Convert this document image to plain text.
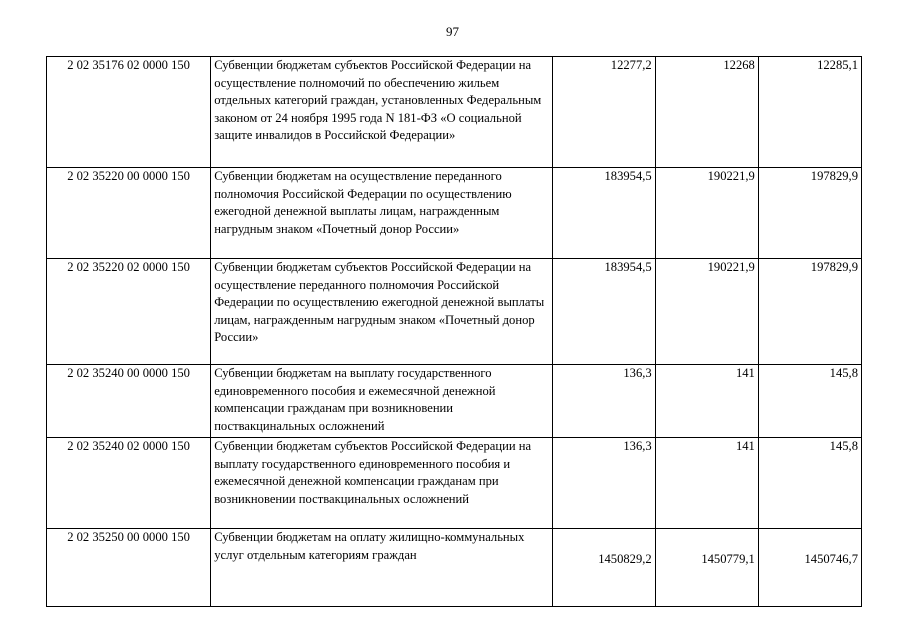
97
2 02 35176 02 0000 150	Субвенции бюджетам субъектов Российской Федерации на осуществление полномочий по обеспечению жильем отдельных категорий граждан, установленных Федеральным законом от 24 ноября 1995 года N 181-ФЗ «О социальной защите инвалидов в Российской Федерации»	12277,2	12268	12285,1
2 02 35220 00 0000 150	Субвенции бюджетам на осуществление переданного полномочия Российской Федерации по осуществлению ежегодной денежной выплаты лицам, награжденным нагрудным знаком «Почетный донор России»	183954,5	190221,9	197829,9
2 02 35220 02 0000 150	Субвенции бюджетам субъектов Российской Федерации на осуществление переданного полномочия Российской Федерации по осуществлению ежегодной денежной выплаты лицам, награжденным нагрудным знаком «Почетный донор России»	183954,5	190221,9	197829,9
2 02 35240 00 0000 150	Субвенции бюджетам на выплату государственного единовременного пособия и ежемесячной денежной компенсации гражданам при возникновении поствакцинальных осложнений	136,3	141	145,8
2 02 35240 02 0000 150	Субвенции бюджетам субъектов Российской Федерации на выплату государственного единовременного пособия и ежемесячной денежной компенсации гражданам при возникновении поствакцинальных осложнений	136,3	141	145,8
2 02 35250 00 0000 150	Субвенции бюджетам на оплату жилищно-коммунальных услуг отдельным категориям граждан	1450829,2	1450779,1	1450746,7
